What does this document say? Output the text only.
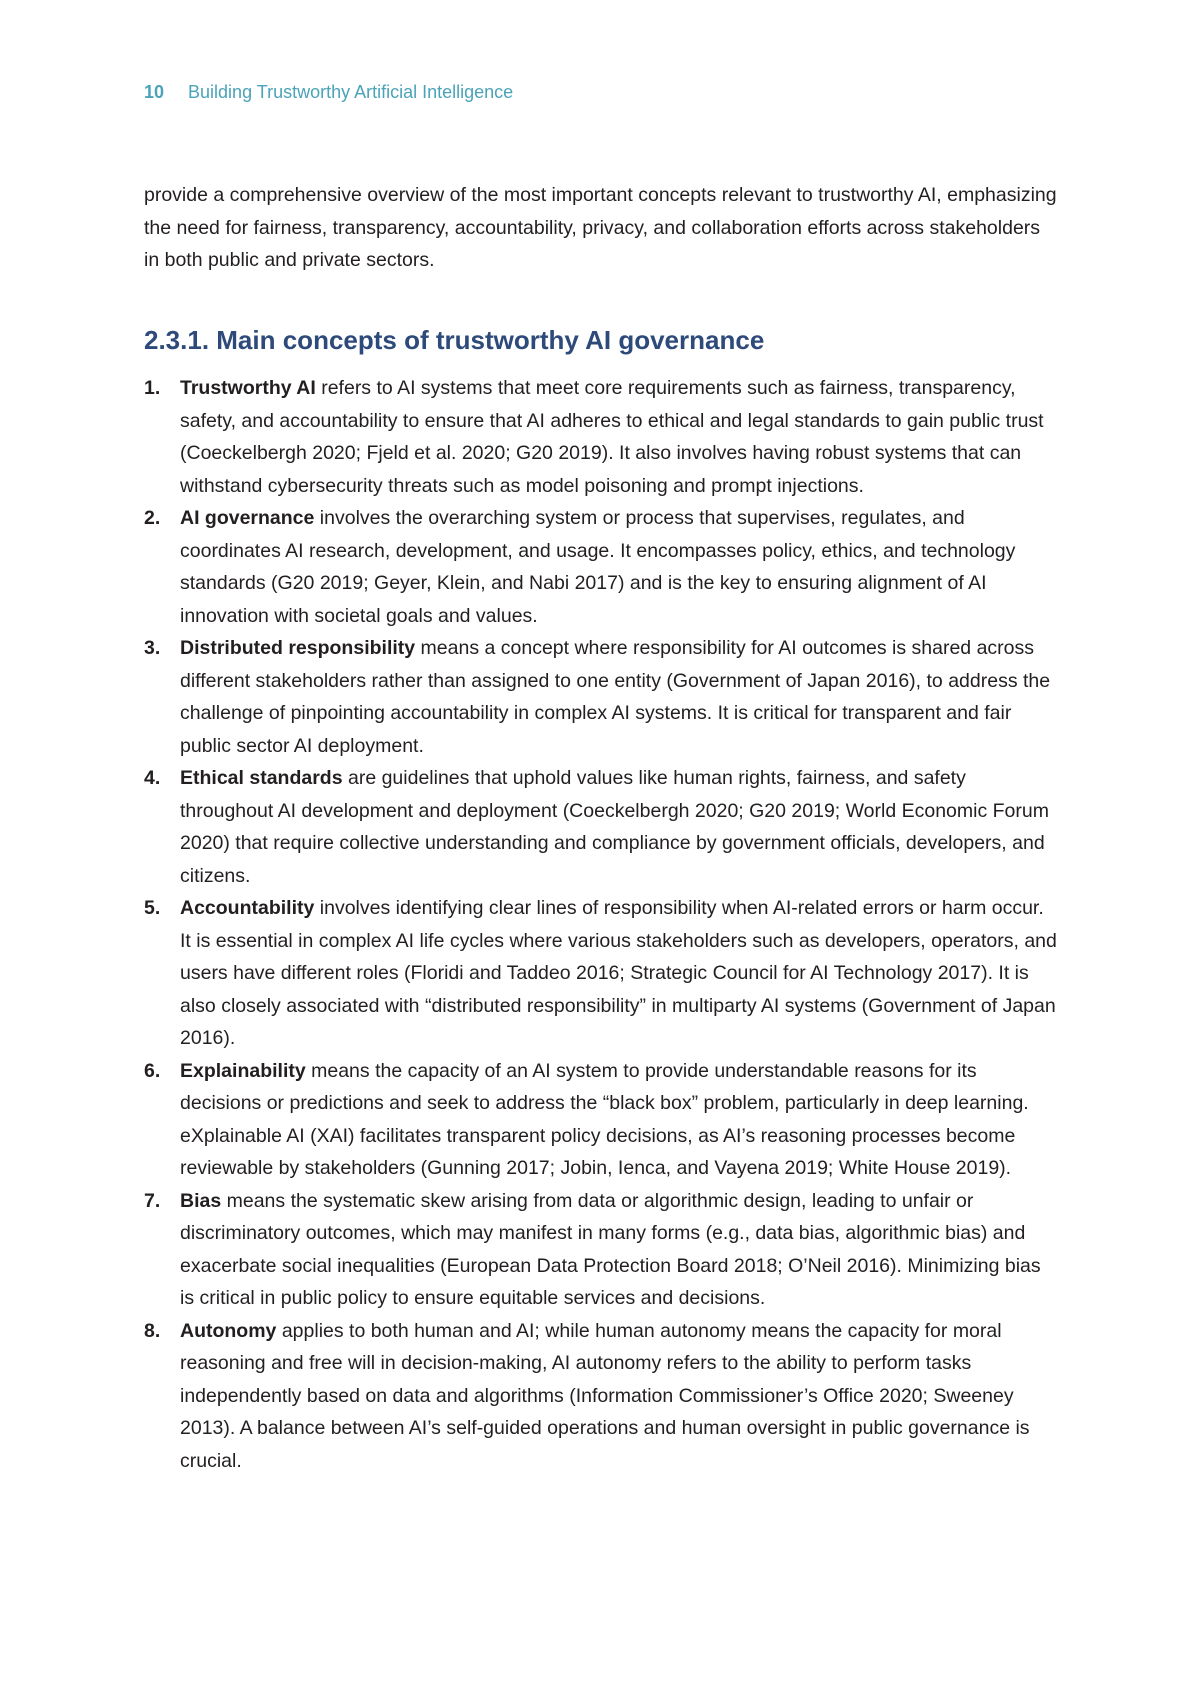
10 Building Trustworthy Artificial Intelligence

provide a comprehensive overview of the most important concepts relevant to trustworthy AI, emphasizing the need for fairness, transparency, accountability, privacy, and collaboration efforts across stakeholders in both public and private sectors.

2.3.1. Main concepts of trustworthy AI governance
1. Trustworthy AI refers to AI systems that meet core requirements such as fairness, transparency, safety, and accountability to ensure that AI adheres to ethical and legal standards to gain public trust (Coeckelbergh 2020; Fjeld et al. 2020; G20 2019). It also involves having robust systems that can withstand cybersecurity threats such as model poisoning and prompt injections.
2. AI governance involves the overarching system or process that supervises, regulates, and coordinates AI research, development, and usage. It encompasses policy, ethics, and technology standards (G20 2019; Geyer, Klein, and Nabi 2017) and is the key to ensuring alignment of AI innovation with societal goals and values.
3. Distributed responsibility means a concept where responsibility for AI outcomes is shared across different stakeholders rather than assigned to one entity (Government of Japan 2016), to address the challenge of pinpointing accountability in complex AI systems. It is critical for transparent and fair public sector AI deployment.
4. Ethical standards are guidelines that uphold values like human rights, fairness, and safety throughout AI development and deployment (Coeckelbergh 2020; G20 2019; World Economic Forum 2020) that require collective understanding and compliance by government officials, developers, and citizens.
5. Accountability involves identifying clear lines of responsibility when AI-related errors or harm occur. It is essential in complex AI life cycles where various stakeholders such as developers, operators, and users have different roles (Floridi and Taddeo 2016; Strategic Council for AI Technology 2017). It is also closely associated with “distributed responsibility” in multiparty AI systems (Government of Japan 2016).
6. Explainability means the capacity of an AI system to provide understandable reasons for its decisions or predictions and seek to address the “black box” problem, particularly in deep learning. eXplainable AI (XAI) facilitates transparent policy decisions, as AI’s reasoning processes become reviewable by stakeholders (Gunning 2017; Jobin, Ienca, and Vayena 2019; White House 2019).
7. Bias means the systematic skew arising from data or algorithmic design, leading to unfair or discriminatory outcomes, which may manifest in many forms (e.g., data bias, algorithmic bias) and exacerbate social inequalities (European Data Protection Board 2018; O’Neil 2016). Minimizing bias is critical in public policy to ensure equitable services and decisions.
8. Autonomy applies to both human and AI; while human autonomy means the capacity for moral reasoning and free will in decision-making, AI autonomy refers to the ability to perform tasks independently based on data and algorithms (Information Commissioner’s Office 2020; Sweeney 2013). A balance between AI’s self-guided operations and human oversight in public governance is crucial.
